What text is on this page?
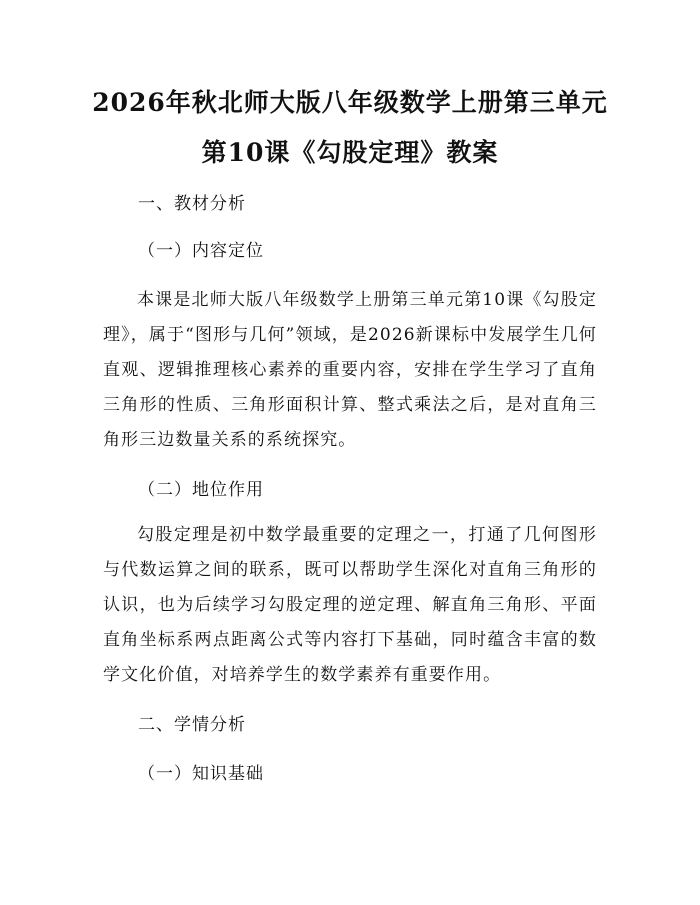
2026年秋北师大版八年级数学上册第三单元
第10课《勾股定理》教案
一、教材分析
（一）内容定位
本课是北师大版八年级数学上册第三单元第10课《勾股定理》，属于“图形与几何”领域，是2026新课标中发展学生几何直观、逻辑推理核心素养的重要内容，安排在学生学习了直角三角形的性质、三角形面积计算、整式乘法之后，是对直角三角形三边数量关系的系统探究。
（二）地位作用
勾股定理是初中数学最重要的定理之一，打通了几何图形与代数运算之间的联系，既可以帮助学生深化对直角三角形的认识，也为后续学习勾股定理的逆定理、解直角三角形、平面直角坐标系两点距离公式等内容打下基础，同时蕴含丰富的数学文化价值，对培养学生的数学素养有重要作用。
二、学情分析
（一）知识基础
